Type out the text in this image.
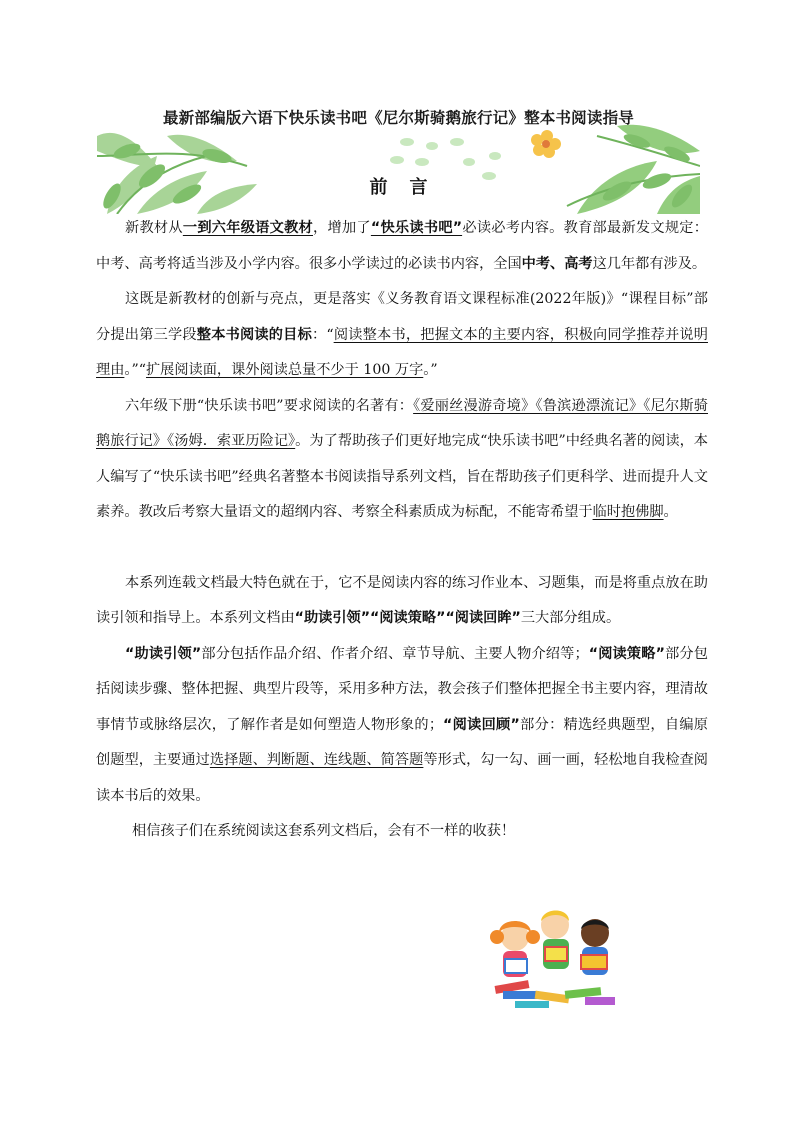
最新部编版六语下快乐读书吧《尼尔斯骑鹅旅行记》整本书阅读指导
前言

新教材从一到六年级语文教材，增加了“快乐读书吧”必读必考内容。教育部最新发文规定：中考、高考将适当涉及小学内容。很多小学读过的必读书内容，全国中考、高考这几年都有涉及。

这既是新教材的创新与亮点，更是落实《义务教育语文课程标准(2022年版)》“课程目标”部分提出第三学段整本书阅读的目标：“阅读整本书，把握文本的主要内容，积极向同学推荐并说明理由。”“扩展阅读面，课外阅读总量不少于 100 万字。”

六年级下册“快乐读书吧”要求阅读的名著有：《爱丽丝漫游奇境》《鲁滨逊漂流记》《尼尔斯骑鹅旅行记》《汤姆．索亚历险记》。为了帮助孩子们更好地完成“快乐读书吧”中经典名著的阅读，本人编写了“快乐读书吧”经典名著整本书阅读指导系列文档，旨在帮助孩子们更科学、进而提升人文素养。教改后考察大量语文的超纲内容、考察全科素质成为标配，不能寄希望于临时抱佛脚。

本系列连载文档最大特色就在于，它不是阅读内容的练习作业本、习题集，而是将重点放在助读引领和指导上。本系列文档由“助读引领”“阅读策略”“阅读回眸”三大部分组成。

“助读引领”部分包括作品介绍、作者介绍、章节导航、主要人物介绍等；“阅读策略”部分包括阅读步骤、整体把握、典型片段等，采用多种方法，教会孩子们整体把握全书主要内容，理清故事情节或脉络层次，了解作者是如何塑造人物形象的；“阅读回顾”部分：精选经典题型，自编原创题型，主要通过选择题、判断题、连线题、简答题等形式，勾一勾、画一画，轻松地自我检查阅读本书后的效果。

相信孩子们在系统阅读这套系列文档后，会有不一样的收获！
